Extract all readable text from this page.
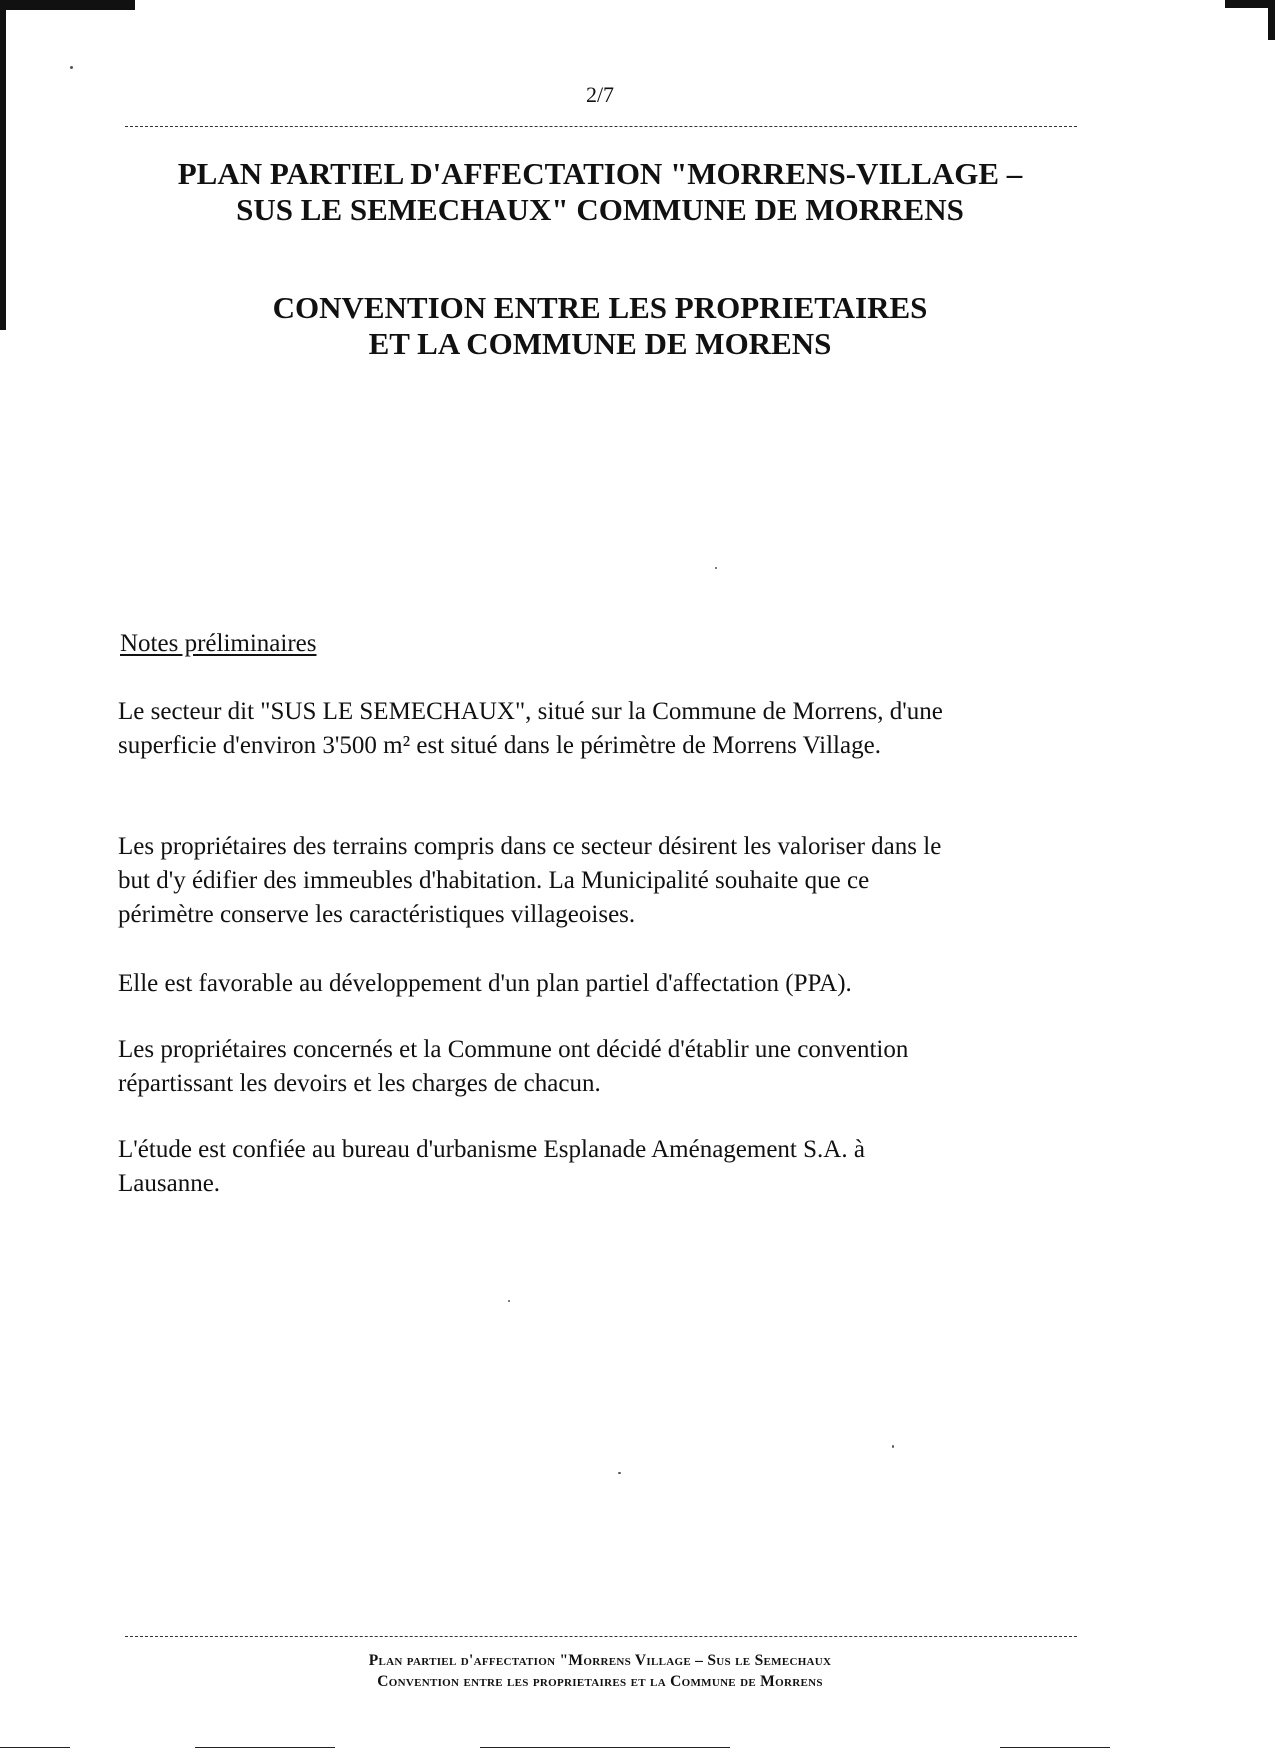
2/7
PLAN PARTIEL D'AFFECTATION "MORRENS-VILLAGE –
SUS LE SEMECHAUX" COMMUNE DE MORRENS
CONVENTION ENTRE LES PROPRIETAIRES
ET LA COMMUNE DE MORENS
Notes préliminaires

Le secteur dit "SUS LE SEMECHAUX", situé sur la Commune de Morrens, d'une
superficie d'environ 3'500 m² est situé dans le périmètre de Morrens Village.

Les propriétaires des terrains compris dans ce secteur désirent les valoriser dans le
but d'y édifier des immeubles d'habitation. La Municipalité souhaite que ce
périmètre conserve les caractéristiques villageoises.

Elle est favorable au développement d'un plan partiel d'affectation (PPA).

Les propriétaires concernés et la Commune ont décidé d'établir une convention
répartissant les devoirs et les charges de chacun.

L'étude est confiée au bureau d'urbanisme Esplanade Aménagement S.A. à
Lausanne.

Plan partiel d'affectation "Morrens Village – Sus le Semechaux
Convention entre les proprietaires et la Commune de Morrens
